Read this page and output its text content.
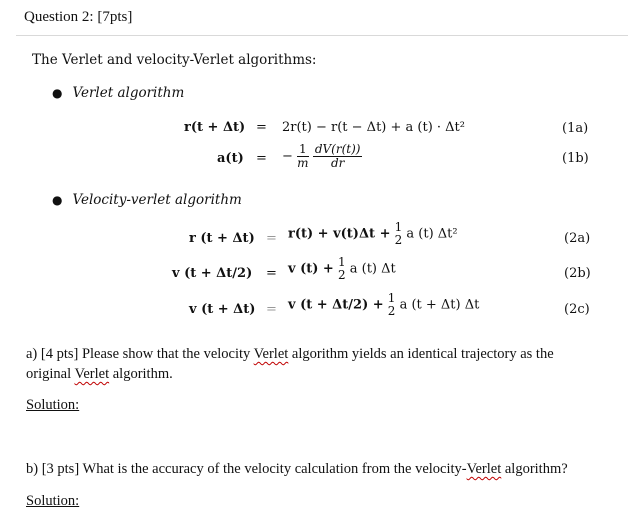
Question 2: [7pts]
The Verlet and velocity-Verlet algorithms:
● Verlet algorithm
r(t + Δt) = 2r(t) − r(t − Δt) + a (t) · Δt²	(1a)
a(t) = − $\frac{1}{m}$
$\frac{dV(r(t))}{dr}$	(1b)
● Velocity-verlet algorithm
r (t + Δt) = r(t) + v(t)Δt + 1
2 a (t) Δt²	(2a)
v (t + Δt/2) = v (t) + 1
2 a (t) Δt	(2b)
v (t + Δt) = v (t + Δt/2) + 1
2 a (t + Δt) Δt	(2c)
a) [4 pts] Please show that the velocity Verlet algorithm yields an identical trajectory as the
original Verlet algorithm.
Solution:
b) [3 pts] What is the accuracy of the velocity calculation from the velocity-Verlet algorithm?
Solution:
